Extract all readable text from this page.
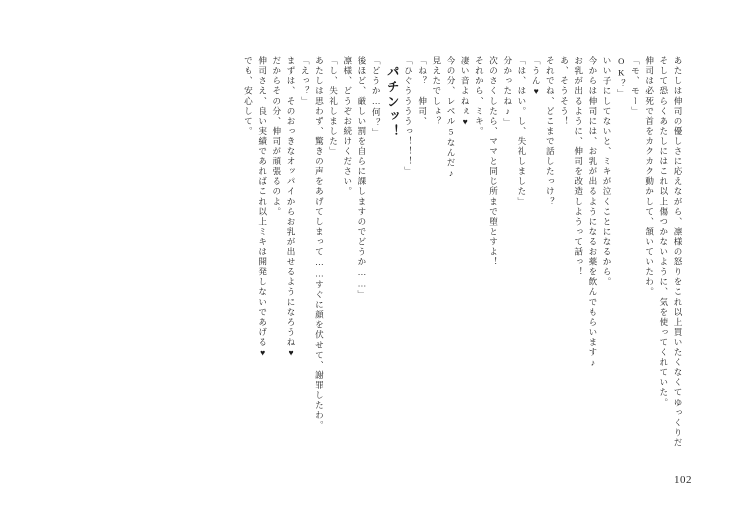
でも、安心して。 伸司さえ、良い実績であればこれ以上ミキは開発しないであげる♥ だからその分、伸司が頑張るのよ。 まずは、そのおっきなオッパイからお乳が出せるようになろうね♥ 「えっ？」 あたしは思わず、驚きの声をあげてしまって……すぐに顔を伏せて、謝罪したわ。 「し、失礼しました」 凛様、どうぞお続けください。 後ほど、厳しい罰を自らに課しますのでどうか……」 「どうか…何？」 パチンッ！ 「ひぐううううっ！！！」 「ね？　伸司、 見えたでしょ？ 今の分、レベル5なんだ♪ 凄い音よねぇ♥ それから、ミキ。 次のさくしたら、ママと同じ所まで堕とすよ！ 分かったね♪」 「は、はい。し、失礼しました」 「うん♥ それでね、どこまで話したっけ？ あ、そうそう！ お乳が出るように、伸司を改造しようって話っ！ 今からは伸司には、お乳が出るようになるお薬を飲んでもらいます♪ いい子にしてないと、ミキが泣くことになるから。 OK？」 「モ、モー」 伸司は必死で首をカクカク動かして、頷いていたわ。 そして恐らくあたしにはこれ以上傷つかないように、気を使ってくれていた。 あたしは伸司の優しさに応えながら、凛様の怒りをこれ以上買いたくなくてゆっくりだ
102
